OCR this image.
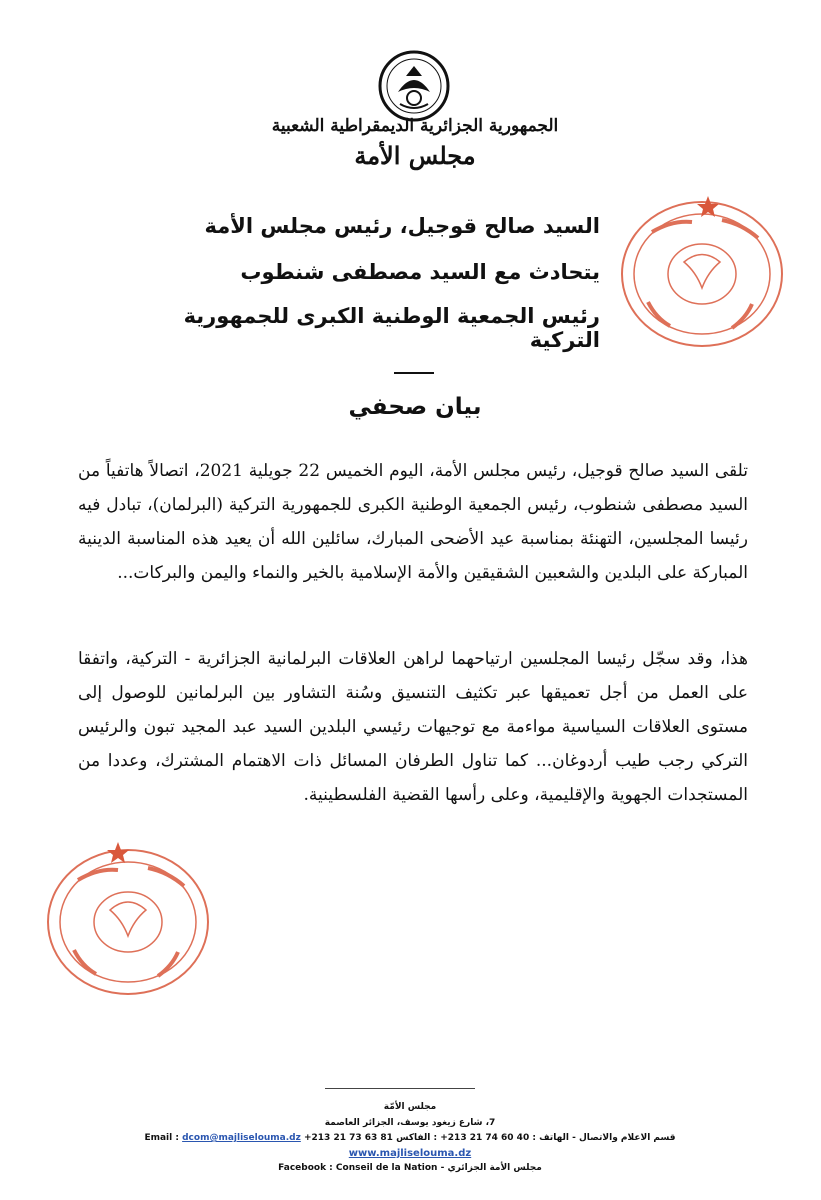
الجمهورية الجزائرية الديمقراطية الشعبية
مجلس الأمة
السيد صالح قوجيل، رئيس مجلس الأمة
يتحادث مع السيد مصطفى شنطوب
رئيس الجمعية الوطنية الكبرى للجمهورية التركية
بيان صحفي
تلقى السيد صالح قوجيل، رئيس مجلس الأمة، اليوم الخميس 22 جويلية 2021، اتصالاً هاتفياً من السيد مصطفى شنطوب، رئيس الجمعية الوطنية الكبرى للجمهورية التركية (البرلمان)، تبادل فيه رئيسا المجلسين، التهنئة بمناسبة عيد الأضحى المبارك، سائلين الله أن يعيد هذه المناسبة الدينية المباركة على البلدين والشعبين الشقيقين والأمة الإسلامية بالخير والنماء واليمن والبركات...
هذا، وقد سجّل رئيسا المجلسين ارتياحهما لراهن العلاقات البرلمانية الجزائرية - التركية، واتفقا على العمل من أجل تعميقها عبر تكثيف التنسيق وسُنة التشاور بين البرلمانين للوصول إلى مستوى العلاقات السياسية مواءمة مع توجيهات رئيسي البلدين السيد عبد المجيد تبون والرئيس التركي رجب طيب أردوغان... كما تناول الطرفان المسائل ذات الاهتمام المشترك، وعددا من المستجدات الجهوية والإقليمية، وعلى رأسها القضية الفلسطينية.
مجلس الأمّة
7، شارع زيغود يوسف، الجزائر العاصمة
Email : dcom@majliselouma.dz +213 21 73 63 81 : الفاكس +213 21 74 60 40 قسم الاعلام والاتصال - الهاتف :
www.majliselouma.dz
Facebook : Conseil de la Nation - مجلس الأمة الجزائري
